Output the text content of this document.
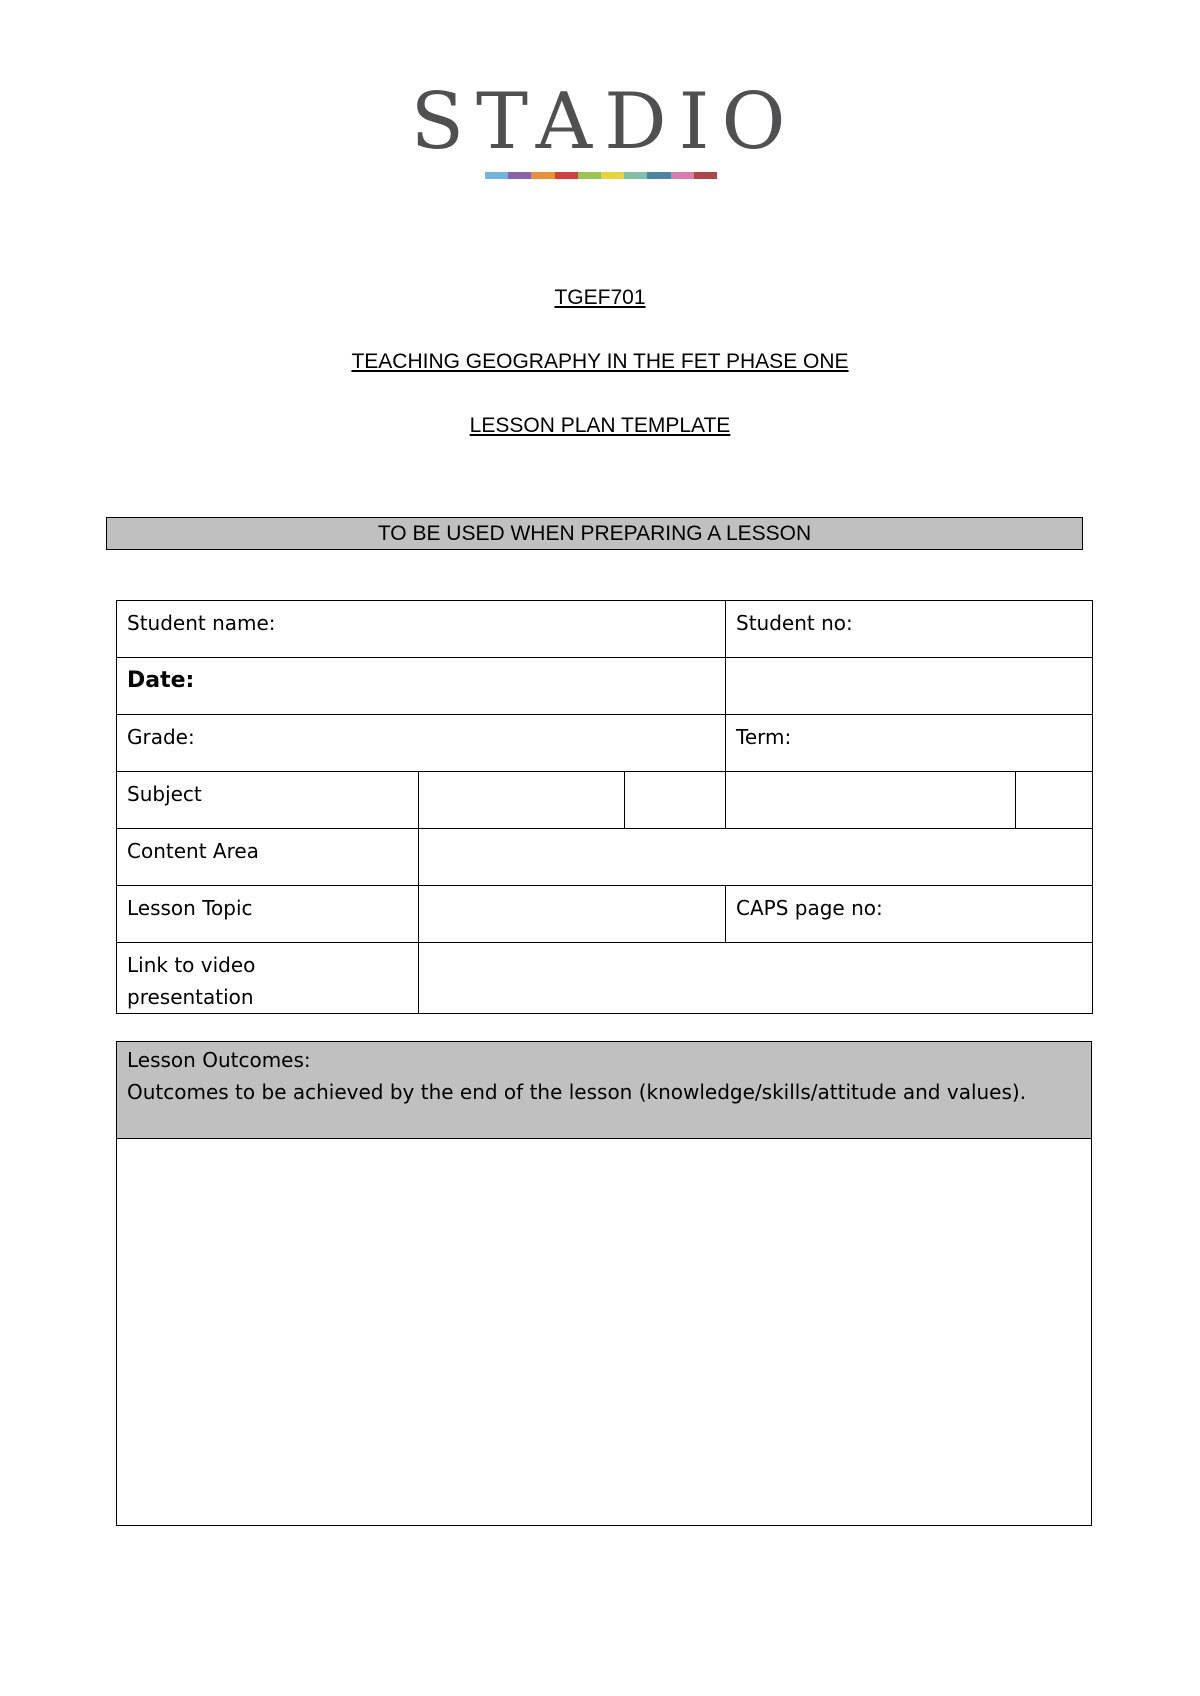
STADIO
TGEF701
TEACHING GEOGRAPHY IN THE FET PHASE ONE
LESSON PLAN TEMPLATE
TO BE USED WHEN PREPARING A LESSON
Student name:			Student no:	
Date:				
Grade:			Term:	
Subject				
Content Area				
Lesson Topic			CAPS page no:	
Link to video
presentation				
Lesson Outcomes:
Outcomes to be achieved by the end of the lesson (knowledge/skills/attitude and values).
